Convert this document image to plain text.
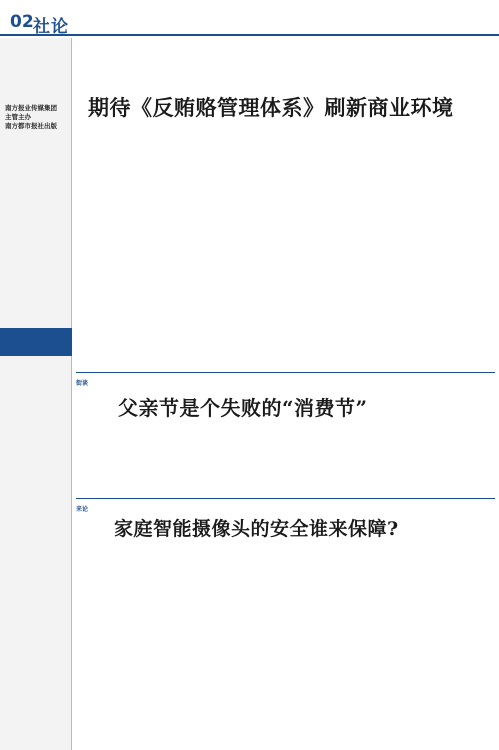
02 社论
南方报业传媒集团
主管主办
南方都市报社出版
期待《反贿赂管理体系》刷新商业环境
街谈
父亲节是个失败的“消费节”
来论
家庭智能摄像头的安全谁来保障?
